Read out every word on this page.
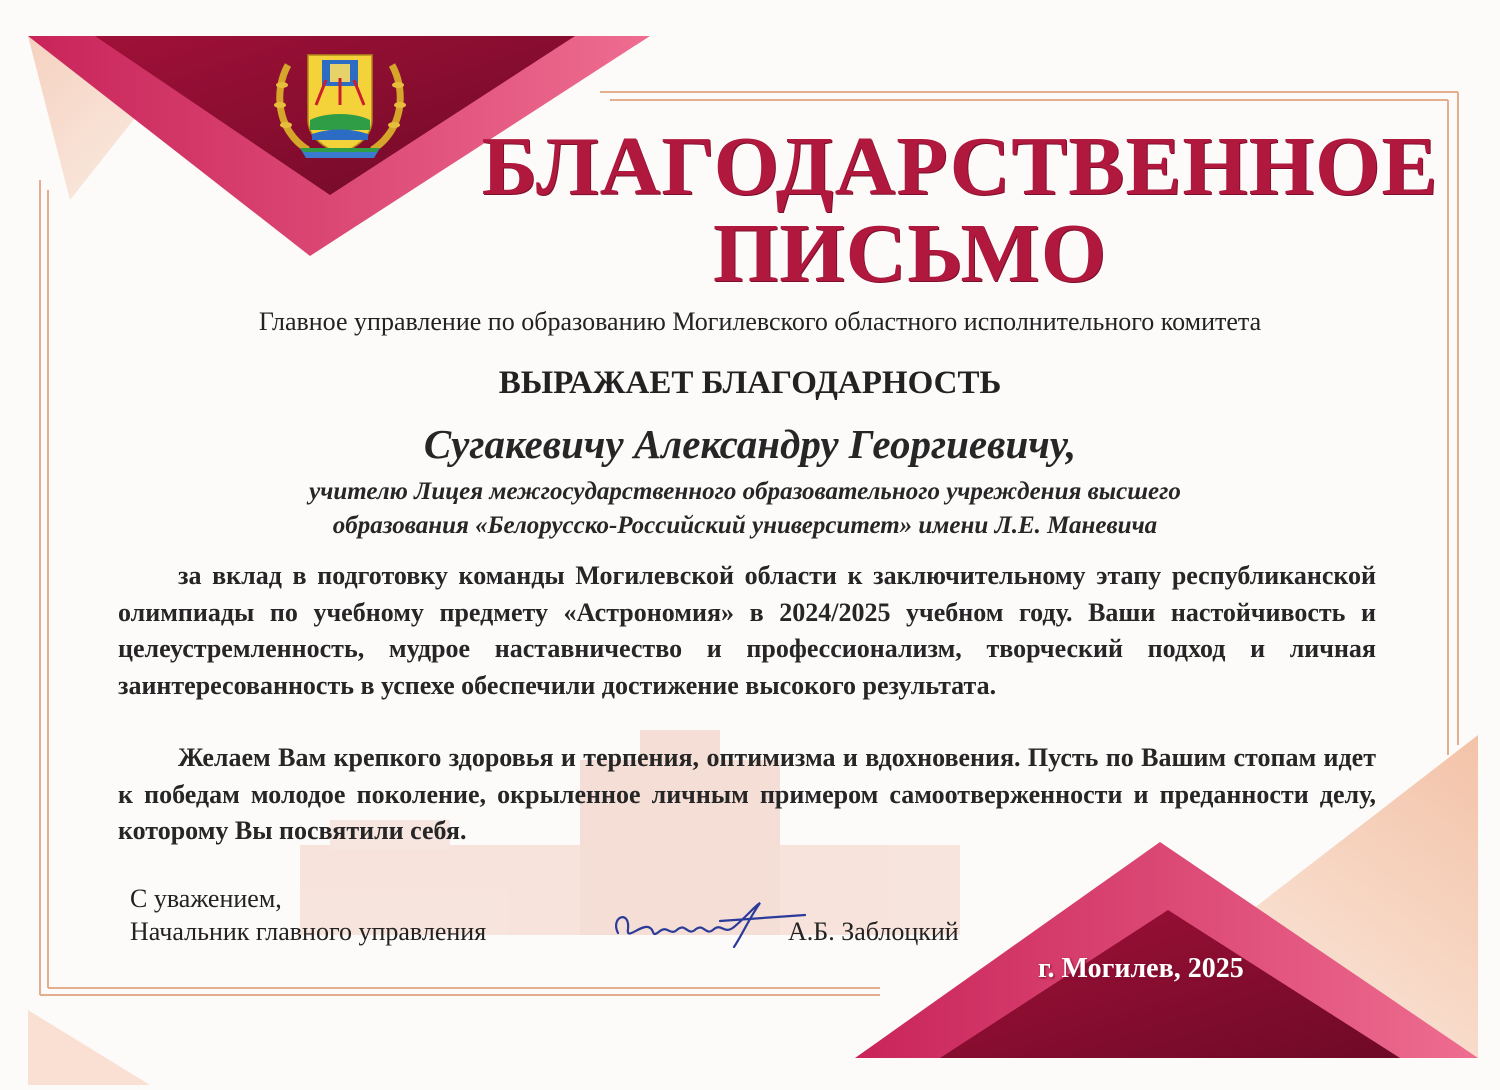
БЛАГОДАРСТВЕННОЕ
ПИСЬМО
Главное управление по образованию Могилевского областного исполнительного комитета
ВЫРАЖАЕТ БЛАГОДАРНОСТЬ
Сугакевичу Александру Георгиевичу,
учителю Лицея межгосударственного образовательного учреждения высшего
образования «Белорусско-Российский университет» имени Л.Е. Маневича

за вклад в подготовку команды Могилевской области к заключительному этапу республиканской олимпиады по учебному предмету «Астрономия» в 2024/2025 учебном году. Ваши настойчивость и целеустремленность, мудрое наставничество и профессионализм, творческий подход и личная заинтересованность в успехе обеспечили достижение высокого результата.

Желаем Вам крепкого здоровья и терпения, оптимизма и вдохновения. Пусть по Вашим стопам идет к победам молодое поколение, окрыленное личным примером самоотверженности и преданности делу, которому Вы посвятили себя.

С уважением,
Начальник главного управления	А.Б. Заблоцкий
г. Могилев, 2025
